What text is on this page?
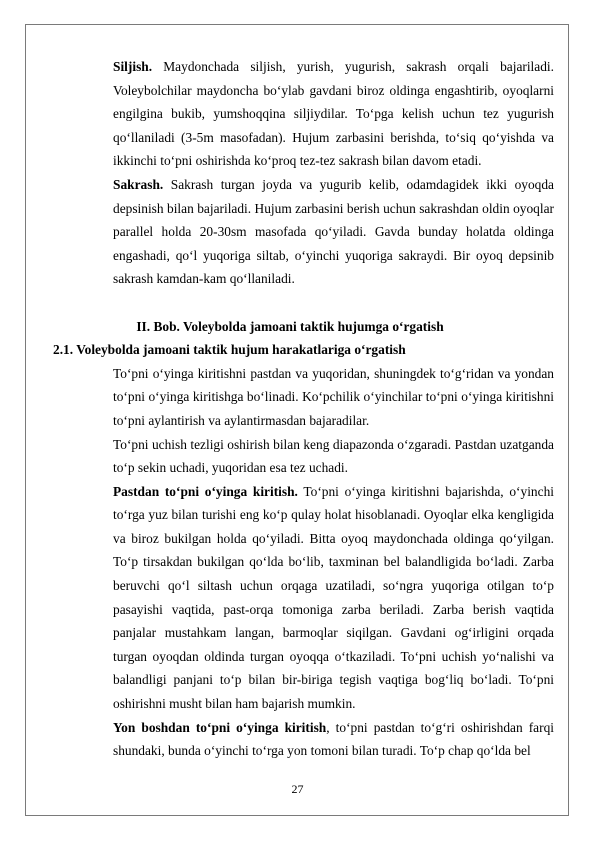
Siljish. Maydonchada siljish, yurish, yugurish, sakrash orqali bajariladi. Voleybolchilar maydoncha bo‘ylab gavdani biroz oldinga engashtirib, oyoqlarni engilgina bukib, yumshoqqina siljiydilar. To‘pga kelish uchun tez yugurish qo‘llaniladi (3-5m masofadan). Hujum zarbasini berishda, to‘siq qo‘yishda va ikkinchi to‘pni oshirishda ko‘proq tez-tez sakrash bilan davom etadi.

Sakrash. Sakrash turgan joyda va yugurib kelib, odamdagidek ikki oyoqda depsinish bilan bajariladi. Hujum zarbasini berish uchun sakrashdan oldin oyoqlar parallel holda 20-30sm masofada qo‘yiladi. Gavda bunday holatda oldinga engashadi, qo‘l yuqoriga siltab, o‘yinchi yuqoriga sakraydi. Bir oyoq depsinib sakrash kamdan-kam qo‘llaniladi.

II. Bob. Voleybolda jamoani taktik hujumga o‘rgatish

2.1. Voleybolda jamoani taktik hujum harakatlariga o‘rgatish

To‘pni o‘yinga kiritishni pastdan va yuqoridan, shuningdek to‘g‘ridan va yondan to‘pni o‘yinga kiritishga bo‘linadi. Ko‘pchilik o‘yinchilar to‘pni o‘yinga kiritishni to‘pni aylantirish va aylantirmasdan bajaradilar.

To‘pni uchish tezligi oshirish bilan keng diapazonda o‘zgaradi. Pastdan uzatganda to‘p sekin uchadi, yuqoridan esa tez uchadi.

Pastdan to‘pni o‘yinga kiritish. To‘pni o‘yinga kiritishni bajarishda, o‘yinchi to‘rga yuz bilan turishi eng ko‘p qulay holat hisoblanadi. Oyoqlar elka kengligida va biroz bukilgan holda qo‘yiladi. Bitta oyoq maydonchada oldinga qo‘yilgan. To‘p tirsakdan bukilgan qo‘lda bo‘lib, taxminan bel balandligida bo‘ladi. Zarba beruvchi qo‘l siltash uchun orqaga uzatiladi, so‘ngra yuqoriga otilgan to‘p pasayishi vaqtida, past-orqa tomoniga zarba beriladi. Zarba berish vaqtida panjalar mustahkam langan, barmoqlar siqilgan. Gavdani og‘irligini orqada turgan oyoqdan oldinda turgan oyoqqa o‘tkaziladi. To‘pni uchish yo‘nalishi va balandligi panjani to‘p bilan bir-biriga tegish vaqtiga bog‘liq bo‘ladi. To‘pni oshirishni musht bilan ham bajarish mumkin.

Yon boshdan to‘pni o‘yinga kiritish, to‘pni pastdan to‘g‘ri oshirishdan farqi shundaki, bunda o‘yinchi to‘rga yon tomoni bilan turadi. To‘p chap qo‘lda bel

27
